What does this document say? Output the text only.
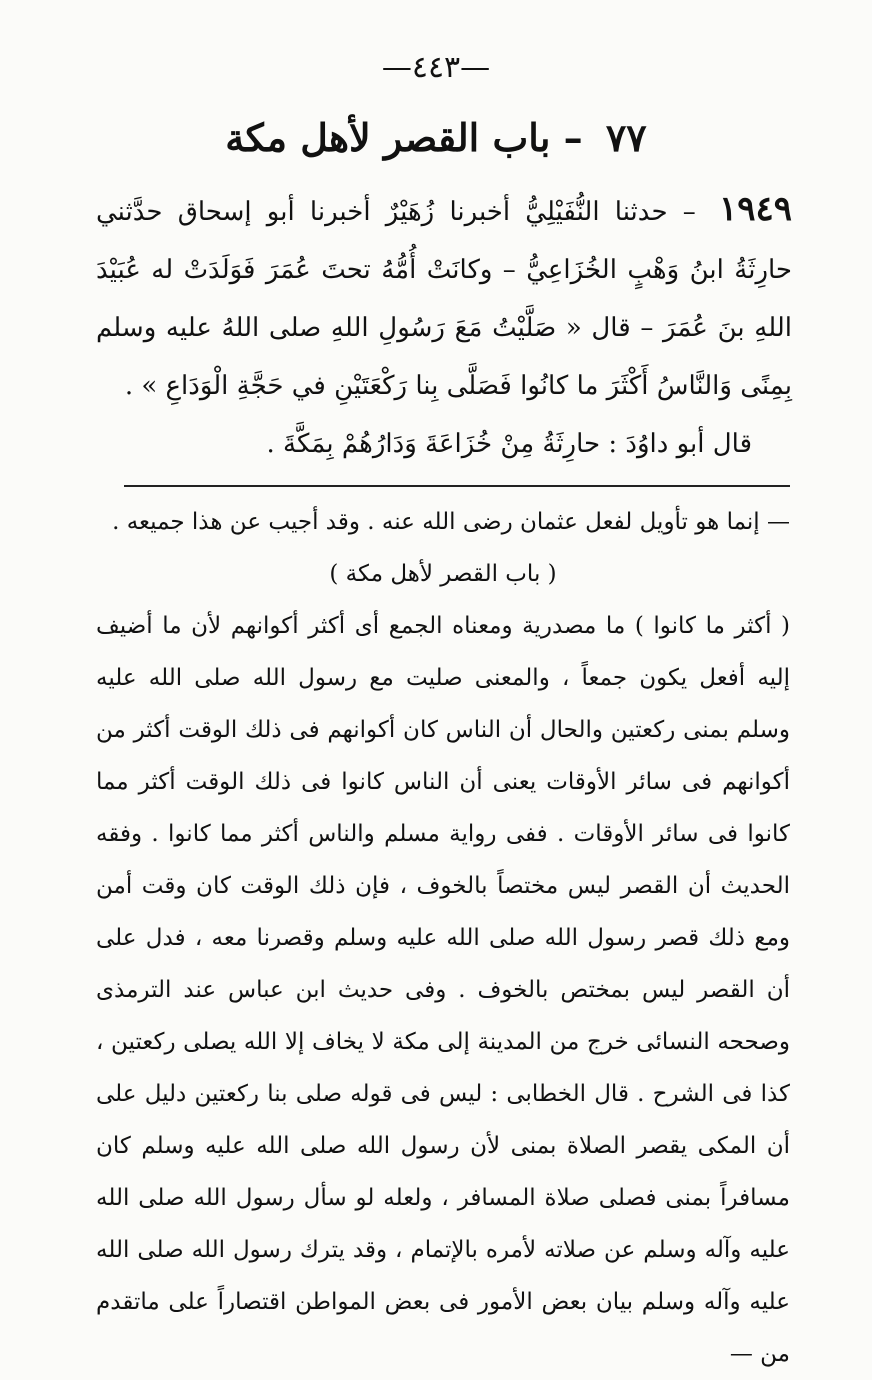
—٤٤٣—
٧٧ – باب القصر لأهل مكة
١٩٤٩ – حدثنا النُّفَيْلِيُّ أخبرنا زُهَيْرٌ أخبرنا أبو إسحاق حدَّثني حارِثَةُ ابنُ وَهْبٍ الخُزَاعِيُّ – وكانَتْ أُمُّهُ تحتَ عُمَرَ فَوَلَدَتْ له عُبَيْدَ اللهِ بنَ عُمَرَ – قال « صَلَّيْتُ مَعَ رَسُولِ اللهِ صلى اللهُ عليه وسلم بِمِنًى وَالنَّاسُ أَكْثَرَ ما كانُوا فَصَلَّى بِنا رَكْعَتَيْنِ في حَجَّةِ الْوَدَاعِ » .
قال أبو داوُدَ : حارِثَةُ مِنْ خُزَاعَةَ وَدَارُهُمْ بِمَكَّةَ .

— إنما هو تأويل لفعل عثمان رضى الله عنه . وقد أجيب عن هذا جميعه .

( باب القصر لأهل مكة )

( أكثر ما كانوا ) ما مصدرية ومعناه الجمع أى أكثر أكوانهم لأن ما أضيف إليه أفعل يكون جمعاً ، والمعنى صليت مع رسول الله صلى الله عليه وسلم بمنى ركعتين والحال أن الناس كان أكوانهم فى ذلك الوقت أكثر من أكوانهم فى سائر الأوقات يعنى أن الناس كانوا فى ذلك الوقت أكثر مما كانوا فى سائر الأوقات . ففى رواية مسلم والناس أكثر مما كانوا . وفقه الحديث أن القصر ليس مختصاً بالخوف ، فإن ذلك الوقت كان وقت أمن ومع ذلك قصر رسول الله صلى الله عليه وسلم وقصرنا معه ، فدل على أن القصر ليس بمختص بالخوف . وفى حديث ابن عباس عند الترمذى وصححه النسائى خرج من المدينة إلى مكة لا يخاف إلا الله يصلى ركعتين ، كذا فى الشرح . قال الخطابى : ليس فى قوله صلى بنا ركعتين دليل على أن المكى يقصر الصلاة بمنى لأن رسول الله صلى الله عليه وسلم كان مسافراً بمنى فصلى صلاة المسافر ، ولعله لو سأل رسول الله صلى الله عليه وآله وسلم عن صلاته لأمره بالإتمام ، وقد يترك رسول الله صلى الله عليه وآله وسلم بيان بعض الأمور فى بعض المواطن اقتصاراً على ماتقدم من —
